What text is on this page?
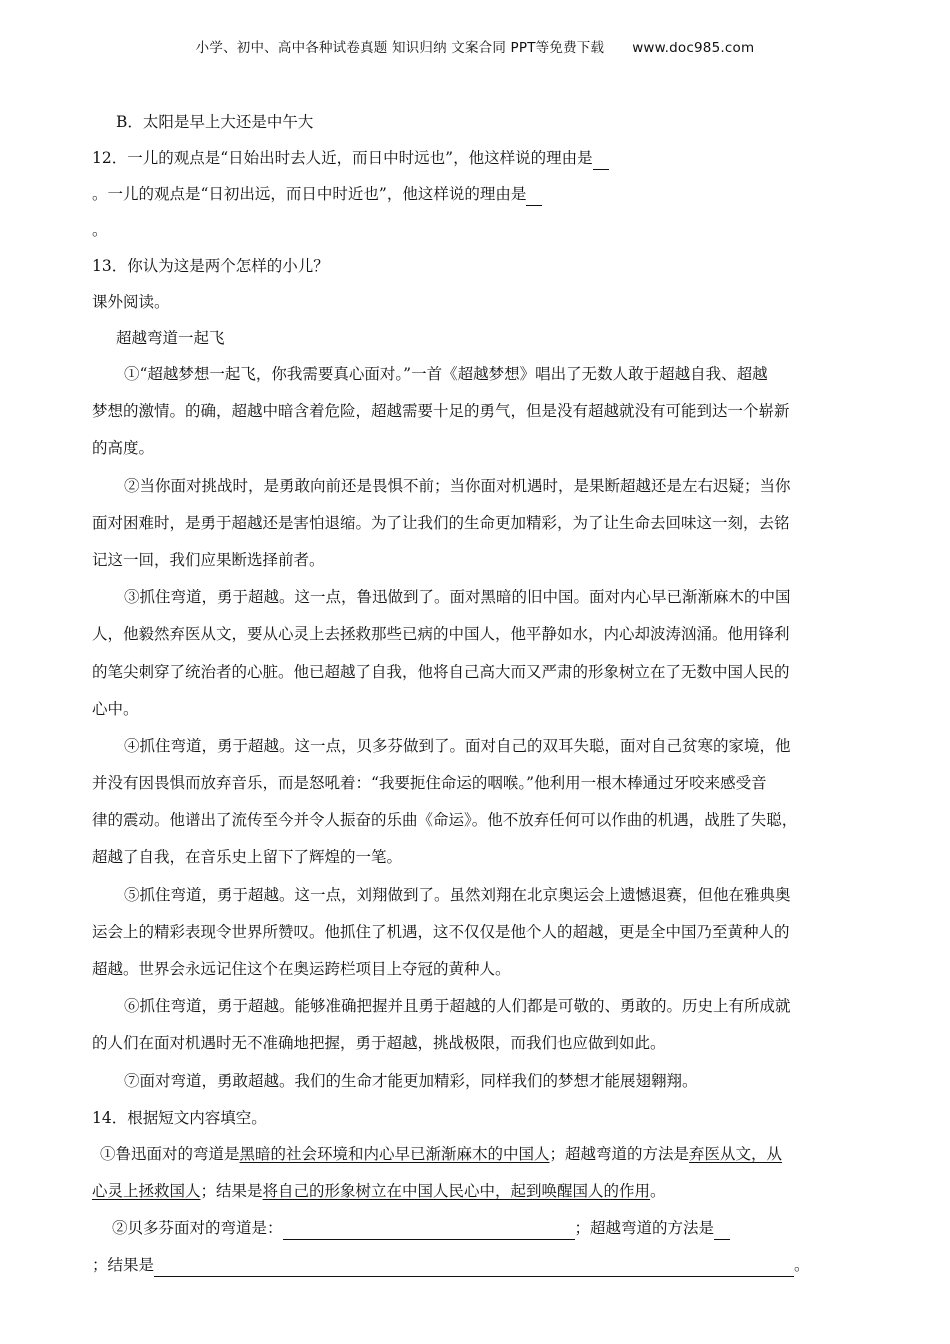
小学、初中、高中各种试卷真题 知识归纳 文案合同 PPT等免费下载 www.doc985.com
B．太阳是早上大还是中午大
12．一儿的观点是“日始出时去人近，而日中时远也”，他这样说的理由是
。一儿的观点是“日初出远，而日中时近也”，他这样说的理由是
。
13．你认为这是两个怎样的小儿？
课外阅读。
超越弯道一起飞
①“超越梦想一起飞，你我需要真心面对。”一首《超越梦想》唱出了无数人敢于超越自我、超越
梦想的激情。的确，超越中暗含着危险，超越需要十足的勇气，但是没有超越就没有可能到达一个崭新
的高度。
②当你面对挑战时，是勇敢向前还是畏惧不前；当你面对机遇时，是果断超越还是左右迟疑；当你
面对困难时，是勇于超越还是害怕退缩。为了让我们的生命更加精彩，为了让生命去回味这一刻，去铭
记这一回，我们应果断选择前者。
③抓住弯道，勇于超越。这一点，鲁迅做到了。面对黑暗的旧中国。面对内心早已渐渐麻木的中国
人，他毅然弃医从文，要从心灵上去拯救那些已病的中国人，他平静如水，内心却波涛汹涌。他用锋利
的笔尖刺穿了统治者的心脏。他已超越了自我，他将自己高大而又严肃的形象树立在了无数中国人民的
心中。
④抓住弯道，勇于超越。这一点，贝多芬做到了。面对自己的双耳失聪，面对自己贫寒的家境，他
并没有因畏惧而放弃音乐，而是怒吼着：“我要扼住命运的咽喉。”他利用一根木棒通过牙咬来感受音
律的震动。他谱出了流传至今并令人振奋的乐曲《命运》。他不放弃任何可以作曲的机遇，战胜了失聪，
超越了自我，在音乐史上留下了辉煌的一笔。
⑤抓住弯道，勇于超越。这一点，刘翔做到了。虽然刘翔在北京奥运会上遗憾退赛，但他在雅典奥
运会上的精彩表现令世界所赞叹。他抓住了机遇，这不仅仅是他个人的超越，更是全中国乃至黄种人的
超越。世界会永远记住这个在奥运跨栏项目上夺冠的黄种人。
⑥抓住弯道，勇于超越。能够准确把握并且勇于超越的人们都是可敬的、勇敢的。历史上有所成就
的人们在面对机遇时无不准确地把握，勇于超越，挑战极限，而我们也应做到如此。
⑦面对弯道，勇敢超越。我们的生命才能更加精彩，同样我们的梦想才能展翅翱翔。
14．根据短文内容填空。
①鲁迅面对的弯道是黑暗的社会环境和内心早已渐渐麻木的中国人；超越弯道的方法是弃医从文，从
心灵上拯救国人；结果是将自己的形象树立在中国人民心中，起到唤醒国人的作用。
②贝多芬面对的弯道是：	；超越弯道的方法是
；结果是	。
